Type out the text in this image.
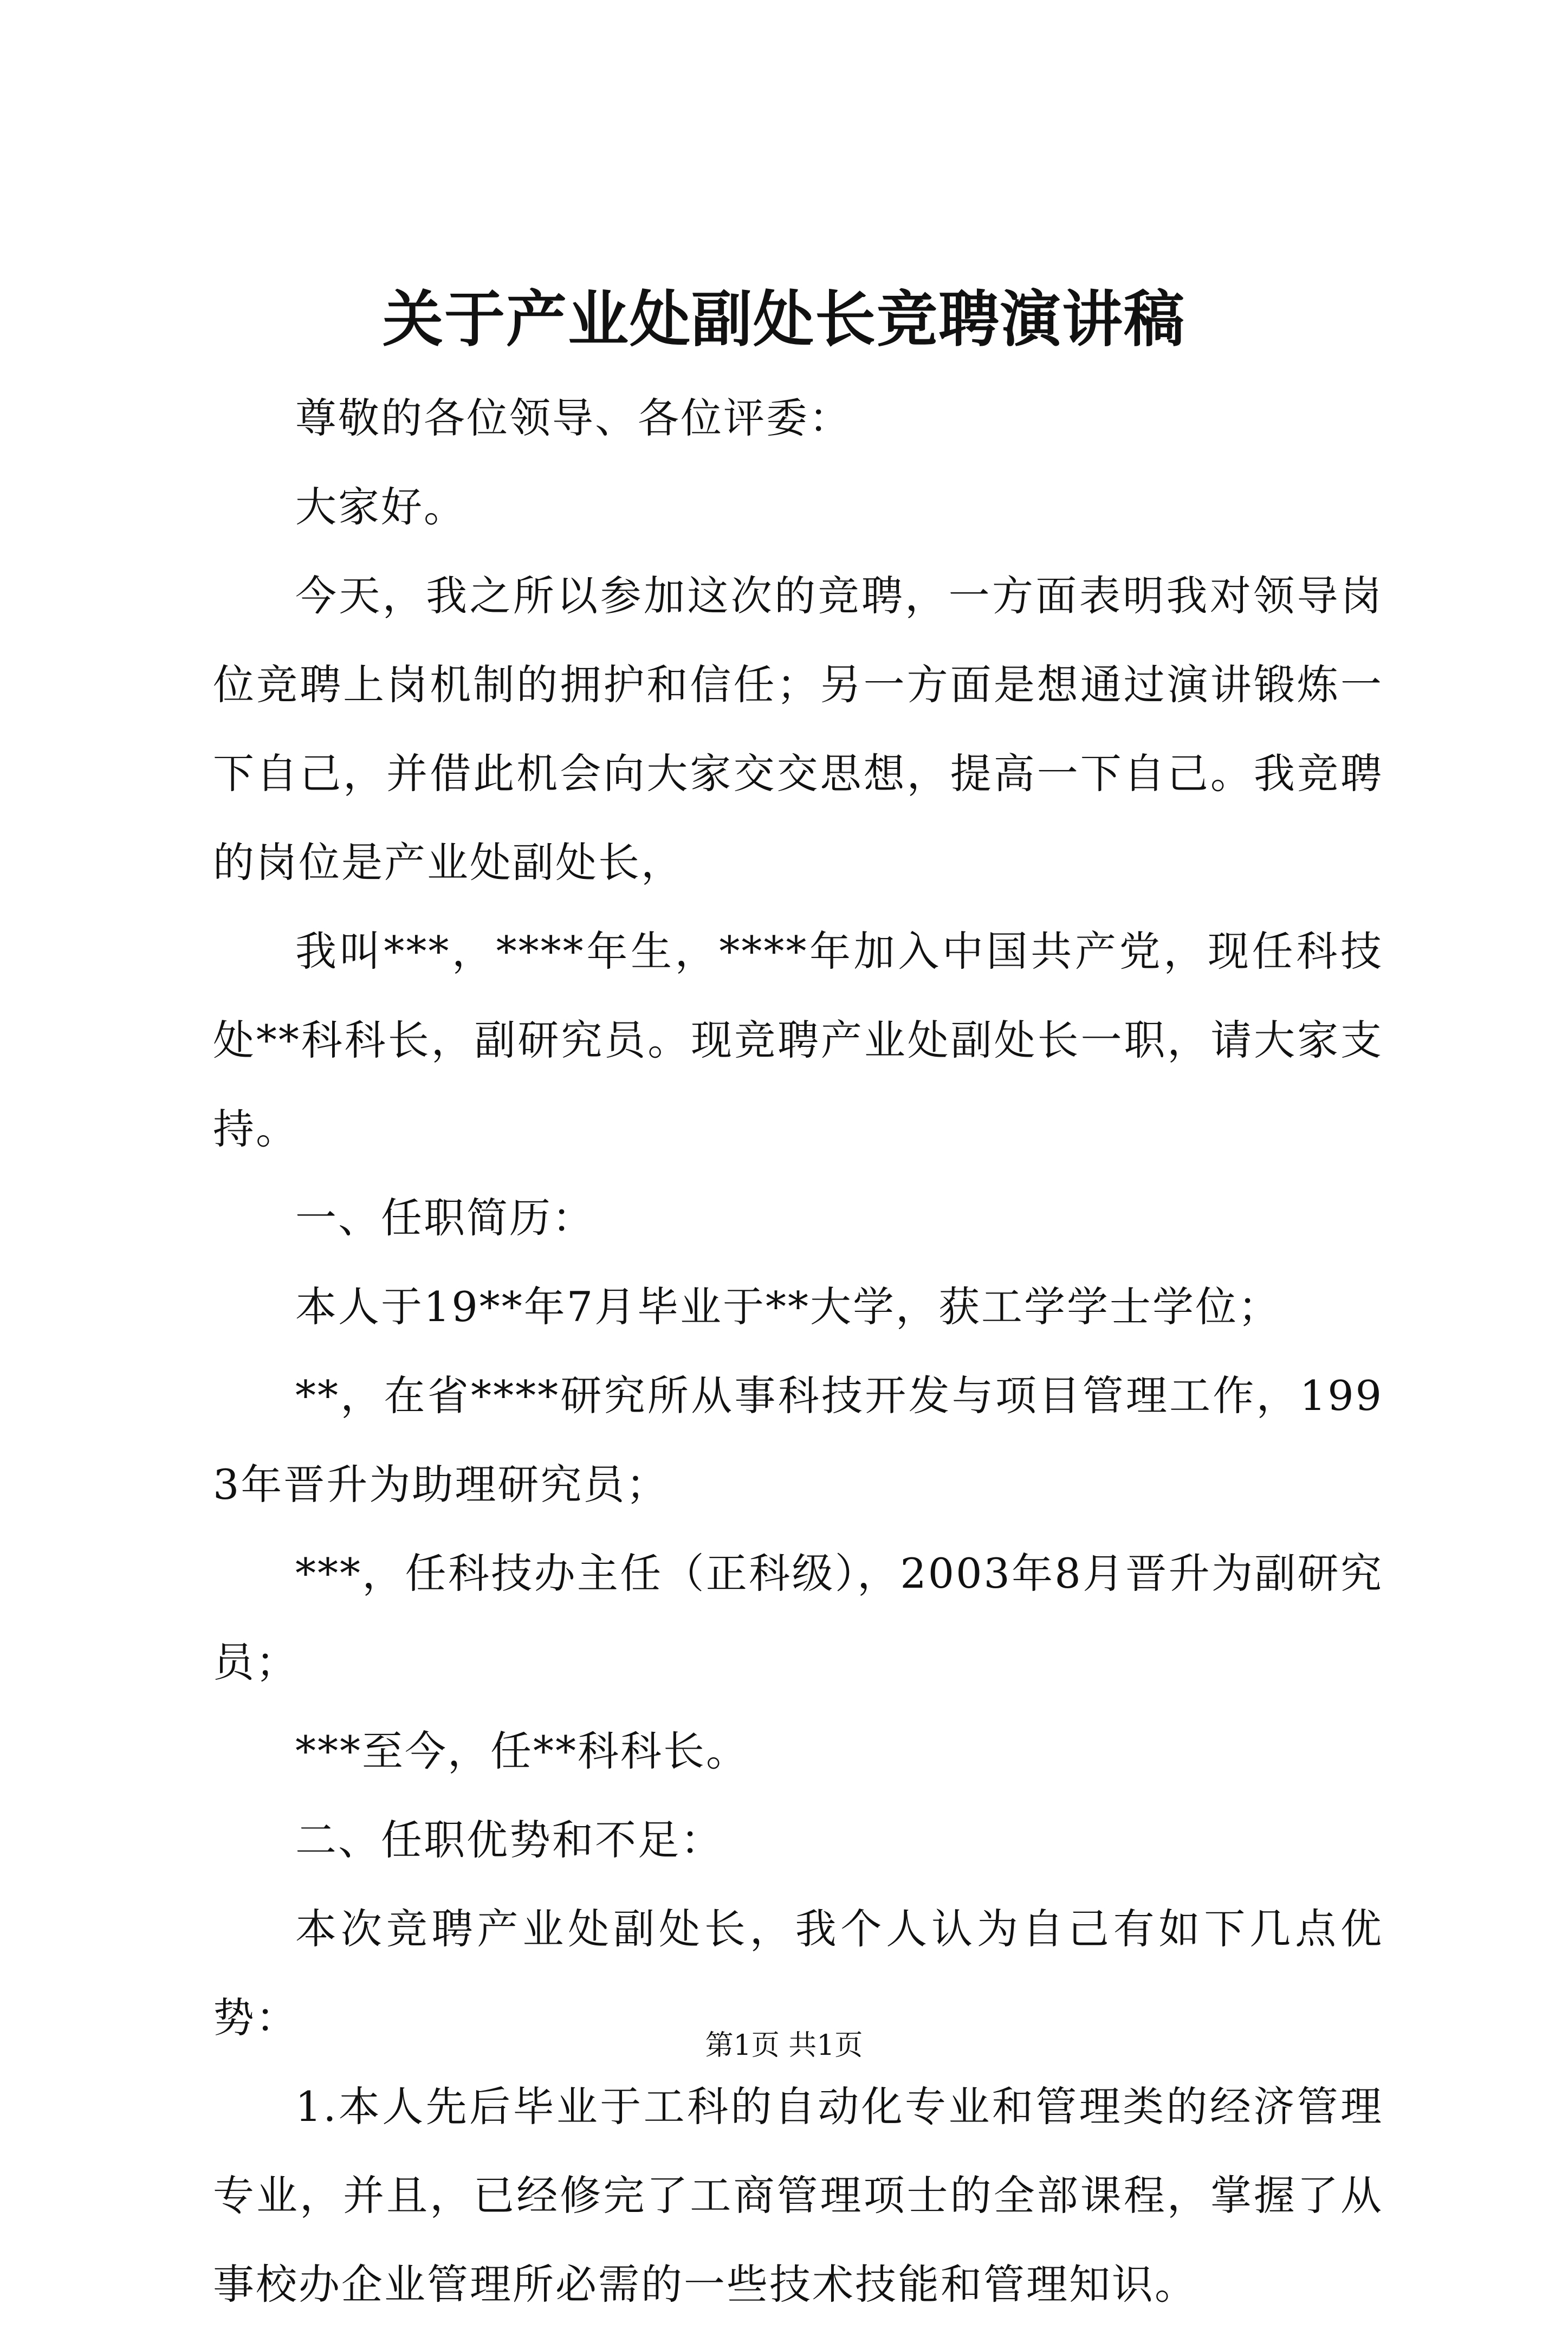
关于产业处副处长竞聘演讲稿

尊敬的各位领导、各位评委：

大家好。

今天，我之所以参加这次的竞聘，一方面表明我对领导岗位竞聘上岗机制的拥护和信任；另一方面是想通过演讲锻炼一下自己，并借此机会向大家交交思想，提高一下自己。我竞聘的岗位是产业处副处长，

我叫***，****年生，****年加入中国共产党，现任科技处**科科长，副研究员。现竞聘产业处副处长一职，请大家支持。

一、任职简历：

本人于19**年7月毕业于**大学，获工学学士学位；

**，在省****研究所从事科技开发与项目管理工作，1993年晋升为助理研究员；

***，任科技办主任（正科级），2003年8月晋升为副研究员；

***至今，任**科科长。

二、任职优势和不足：

本次竞聘产业处副处长，我个人认为自己有如下几点优势：

1.本人先后毕业于工科的自动化专业和管理类的经济管理专业，并且，已经修完了工商管理项士的全部课程，掌握了从事校办企业管理所必需的一些技术技能和管理知识。

第1页 共1页
